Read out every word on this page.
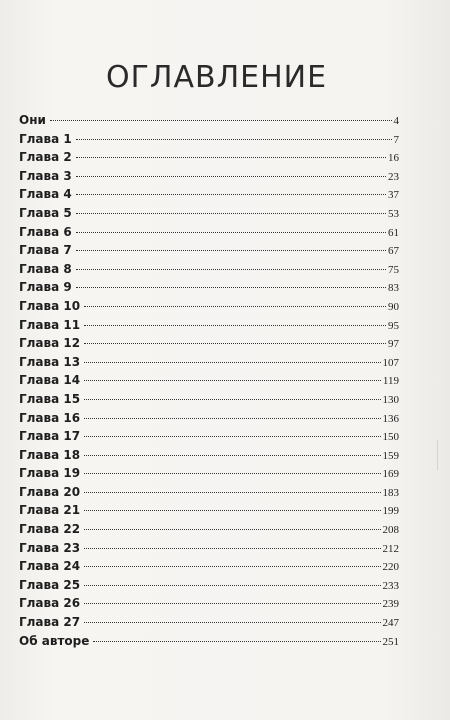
ОГЛАВЛЕНИЕ
Они	4
Глава 1	7
Глава 2	16
Глава 3	23
Глава 4	37
Глава 5	53
Глава 6	61
Глава 7	67
Глава 8	75
Глава 9	83
Глава 10	90
Глава 11	95
Глава 12	97
Глава 13	107
Глава 14	119
Глава 15	130
Глава 16	136
Глава 17	150
Глава 18	159
Глава 19	169
Глава 20	183
Глава 21	199
Глава 22	208
Глава 23	212
Глава 24	220
Глава 25	233
Глава 26	239
Глава 27	247
Об авторе	251
